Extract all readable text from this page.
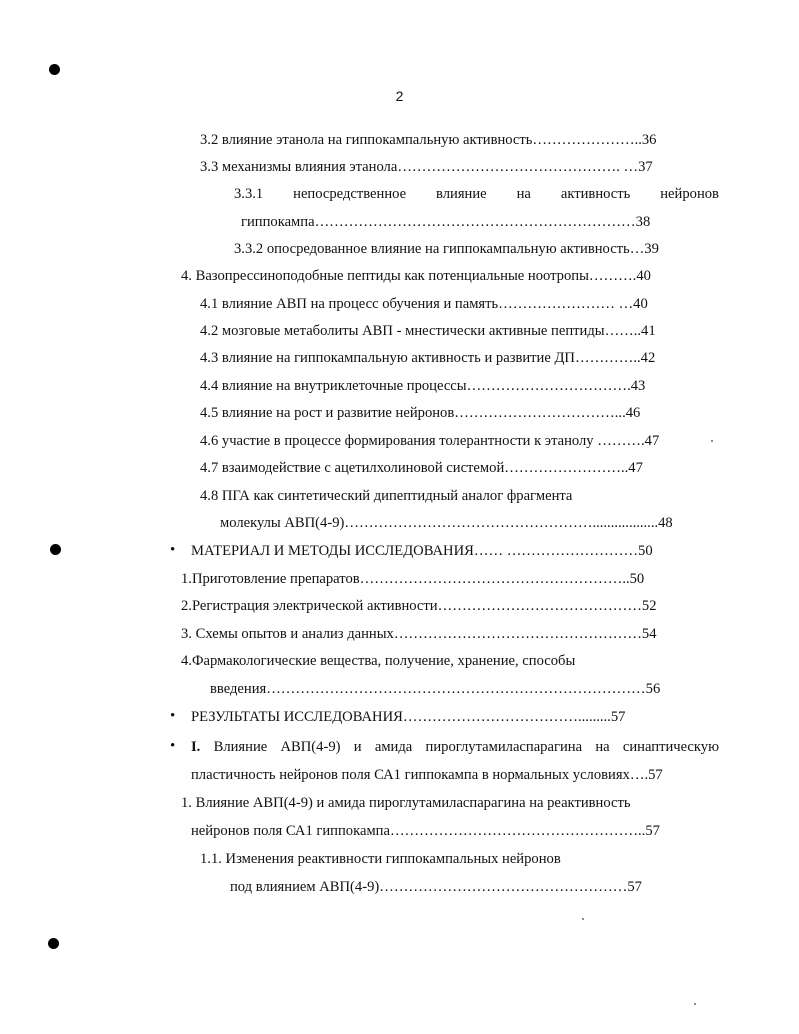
2
3.2 влияние этанола на гиппокампальную активность…………………..36
3.3 механизмы влияния этанола………………………………………. …37
3.3.1 непосредственное влияние на активность нейронов
гиппокампа…………………………………………………………38
3.3.2 опосредованное влияние на гиппокампальную активность…39
4. Вазопрессиноподобные пептиды как потенциальные ноотропы……….40
4.1 влияние АВП на процесс обучения и память…………………… …40
4.2 мозговые метаболиты АВП - мнестически активные пептиды……..41
4.3 влияние на гиппокампальную активность и развитие ДП…………..42
4.4 влияние на внутриклеточные процессы…………………………….43
4.5 влияние на рост и развитие нейронов……………………………...46
4.6 участие в процессе формирования толерантности к этанолу ……….47
4.7 взаимодействие с ацетилхолиновой системой……………………..47
4.8 ПГА как синтетический дипептидный аналог фрагмента
молекулы АВП(4-9)……………………………………………..................48
• МАТЕРИАЛ И МЕТОДЫ ИССЛЕДОВАНИЯ…… ………………………50
1.Приготовление препаратов………………………………………………..50
2.Регистрация электрической активности……………………………………52
3. Схемы опытов и анализ данных……………………………………………54
4.Фармакологические вещества, получение, хранение, способы
введения……………………………………………………………………56
• РЕЗУЛЬТАТЫ ИССЛЕДОВАНИЯ……………………………….........57
• I. Влияние АВП(4-9) и амида пироглутамиласпарагина на синаптическую
пластичность нейронов поля СА1 гиппокампа в нормальных условиях….57
1. Влияние АВП(4-9) и амида пироглутамиласпарагина на реактивность
нейронов поля СА1 гиппокампа……………………………………………..57
1.1. Изменения реактивности гиппокампальных нейронов
под влиянием АВП(4-9)……………………………………………57
